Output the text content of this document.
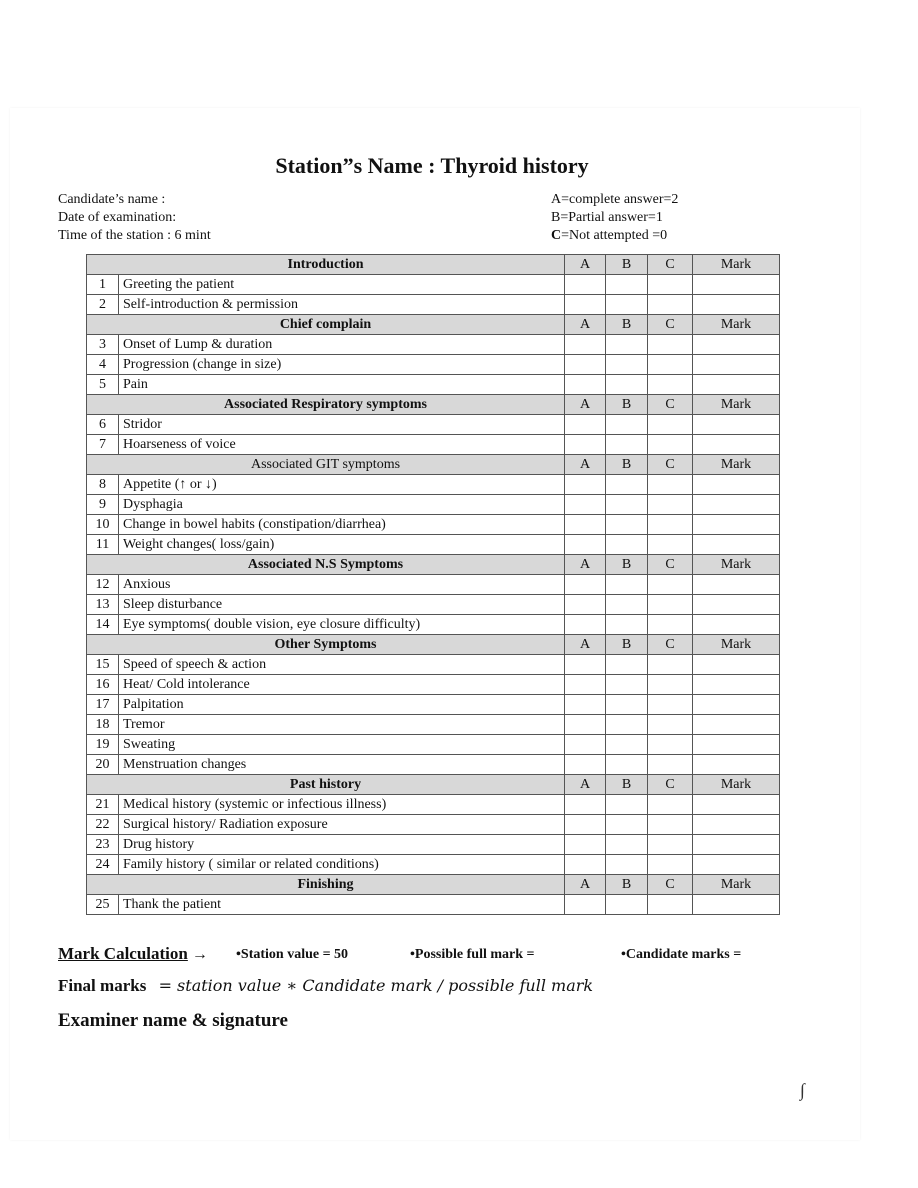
Station”s Name : Thyroid history
Candidate’s name :
Date of examination:
Time of the station : 6 mint
A=complete answer=2
B=Partial answer=1
C=Not attempted =0
Introduction		A	B	C	Mark
1	Greeting the patient				
2	Self-introduction & permission				
Chief complain		A	B	C	Mark
3	Onset of Lump & duration				
4	Progression (change in size)				
5	Pain				
Associated Respiratory symptoms		A	B	C	Mark
6	Stridor				
7	Hoarseness of voice				
Associated GIT symptoms		A	B	C	Mark
8	Appetite (↑ or ↓)				
9	Dysphagia				
10	Change in bowel habits (constipation/diarrhea)				
11	Weight changes( loss/gain)				
Associated N.S Symptoms		A	B	C	Mark
12	Anxious				
13	Sleep disturbance				
14	Eye symptoms( double vision, eye closure difficulty)				
Other Symptoms		A	B	C	Mark
15	Speed of speech & action				
16	Heat/ Cold intolerance				
17	Palpitation				
18	Tremor				
19	Sweating				
20	Menstruation changes				
Past history		A	B	C	Mark
21	Medical history (systemic or infectious illness)				
22	Surgical history/ Radiation exposure				
23	Drug history				
24	Family history ( similar or related conditions)				
Finishing		A	B	C	Mark
25	Thank the patient				
Mark Calculation → •Station value = 50	•Possible full mark =	•Candidate marks =
Final marks = station value ∗ Candidate mark / possible full mark
Examiner name & signature
∫
